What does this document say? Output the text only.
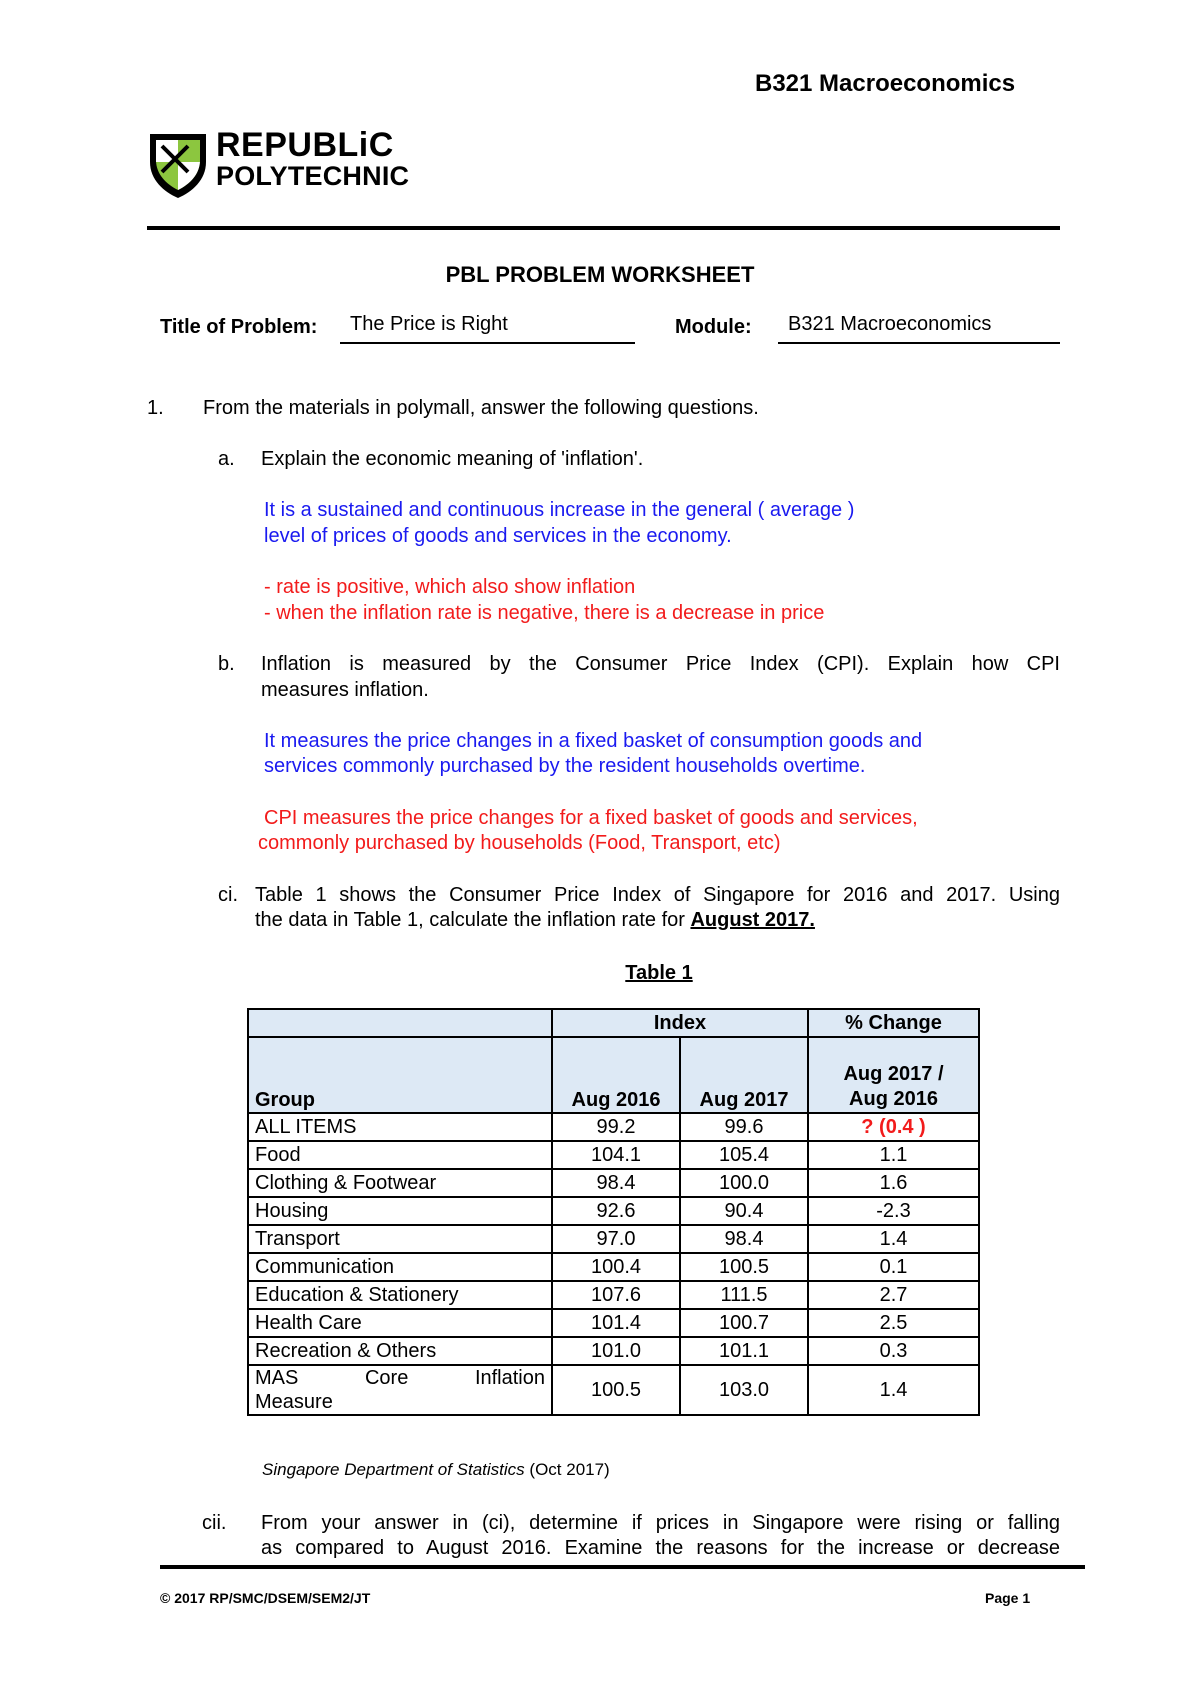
B321 Macroeconomics
REPUBLiC
POLYTECHNIC
PBL PROBLEM WORKSHEET
Title of Problem:	The Price is Right	Module:	B321 Macroeconomics
1. From the materials in polymall, answer the following questions.
a. Explain the economic meaning of 'inflation'.
It is a sustained and continuous increase in the general ( average )
level of prices of goods and services in the economy.
- rate is positive, which also show inflation
- when the inflation rate is negative, there is a decrease in price
b. Inflation is measured by the Consumer Price Index (CPI). Explain how CPI
measures inflation.
It measures the price changes in a fixed basket of consumption goods and
services commonly purchased by the resident households overtime.
CPI measures the price changes for a fixed basket of goods and services,
commonly purchased by households (Food, Transport, etc)
ci. Table 1 shows the Consumer Price Index of Singapore for 2016 and 2017. Using
the data in Table 1, calculate the inflation rate for August 2017.
Table 1
	Index		% Change
Group	Aug 2016	Aug 2017	Aug 2017 /
Aug 2016

ALL ITEMS	99.2	99.6	? (0.4 )
Food	104.1	105.4	1.1
Clothing & Footwear	98.4	100.0	1.6
Housing	92.6	90.4	-2.3
Transport	97.0	98.4	1.4
Communication	100.4	100.5	0.1
Education & Stationery	107.6	111.5	2.7
Health Care	101.4	100.7	2.5
Recreation & Others	101.0	101.1	0.3

MAS Core Inflation
Measure	100.5	103.0	1.4
Singapore Department of Statistics (Oct 2017)
cii. From your answer in (ci), determine if prices in Singapore were rising or falling
as compared to August 2016. Examine the reasons for the increase or decrease
© 2017 RP/SMC/DSEM/SEM2/JT	Page 1
